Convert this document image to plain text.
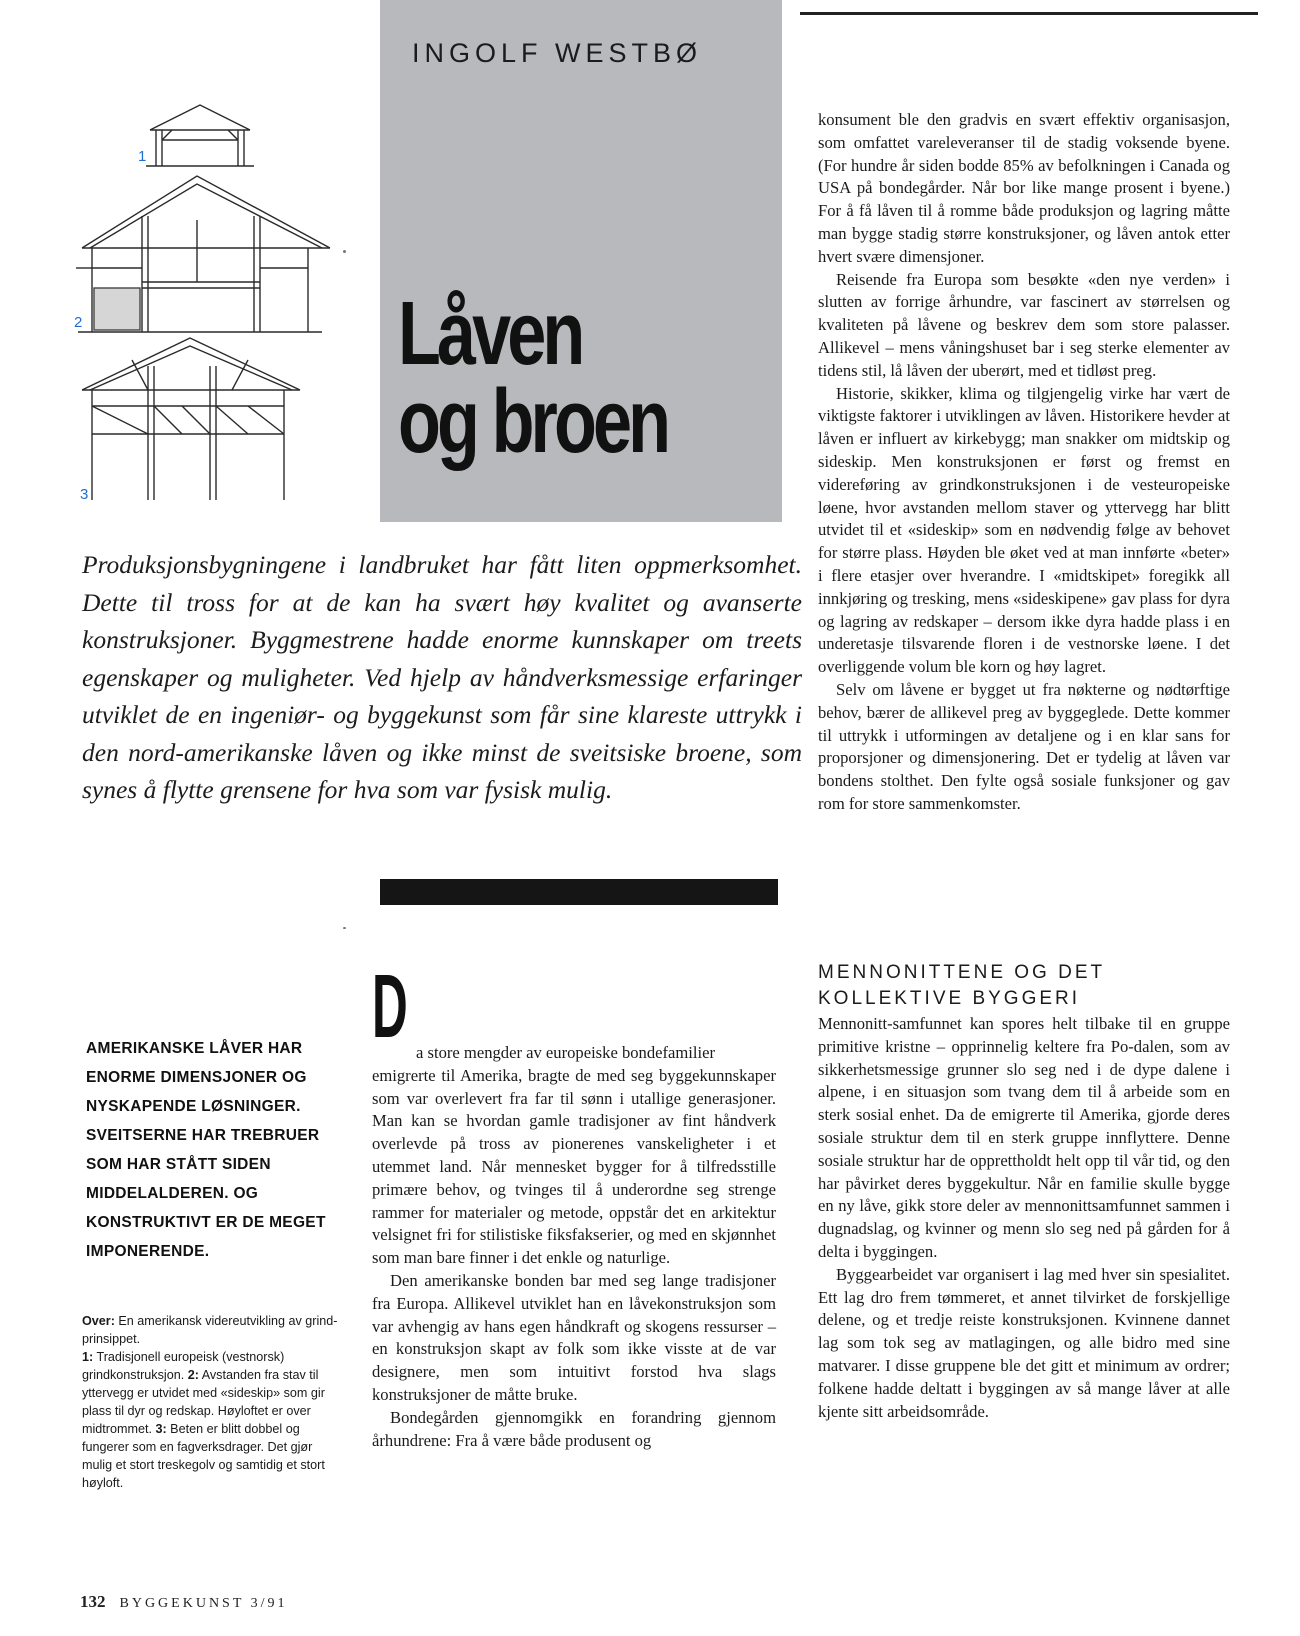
INGOLF WESTBØ
Låven
og broen
1
2
3
Produksjonsbygningene i landbruket har fått liten oppmerksomhet. Dette til tross for at de kan ha svært høy kvalitet og avanserte konstruksjoner. Byggmestrene hadde enorme kunnskaper om treets egenskaper og muligheter. Ved hjelp av håndverksmessige erfaringer utviklet de en ingeniør- og byggekunst som får sine klareste uttrykk i den nord-amerikanske låven og ikke minst de sveitsiske broene, som synes å flytte grensene for hva som var fysisk mulig.
AMERIKANSKE LÅVER HAR ENORME DIMENSJONER OG NYSKAPENDE LØSNINGER. SVEITSERNE HAR TREBRUER SOM HAR STÅTT SIDEN MIDDELALDEREN. OG KONSTRUKTIVT ER DE MEGET IMPONERENDE.
Over: En amerikansk videreutvikling av grind-prinsippet.
1: Tradisjonell europeisk (vestnorsk) grindkonstruksjon. 2: Avstanden fra stav til yttervegg er utvidet med «sideskip» som gir plass til dyr og redskap. Høyloftet er over midtrommet. 3: Beten er blitt dobbel og fungerer som en fagverksdrager. Det gjør mulig et stort treskegolv og samtidig et stort høyloft.
D a store mengder av europeiske bondefamilier

emigrerte til Amerika, bragte de med seg byggekunnskaper som var overlevert fra far til sønn i utallige generasjoner. Man kan se hvordan gamle tradisjoner av fint håndverk overlevde på tross av pionerenes vanskeligheter i et utemmet land. Når mennesket bygger for å tilfredsstille primære behov, og tvinges til å underordne seg strenge rammer for materialer og metode, oppstår det en arkitektur velsignet fri for stilistiske fiksfakserier, og med en skjønnhet som man bare finner i det enkle og naturlige.

Den amerikanske bonden bar med seg lange tradisjoner fra Europa. Allikevel utviklet han en låvekonstruksjon som var avhengig av hans egen håndkraft og skogens ressurser – en konstruksjon skapt av folk som ikke visste at de var designere, men som intuitivt forstod hva slags konstruksjoner de måtte bruke.

Bondegården gjennomgikk en forandring gjennom århundrene: Fra å være både produsent og

konsument ble den gradvis en svært effektiv organisasjon, som omfattet vareleveranser til de stadig voksende byene. (For hundre år siden bodde 85% av befolkningen i Canada og USA på bondegårder. Når bor like mange prosent i byene.) For å få låven til å romme både produksjon og lagring måtte man bygge stadig større konstruksjoner, og låven antok etter hvert svære dimensjoner.

Reisende fra Europa som besøkte «den nye verden» i slutten av forrige århundre, var fascinert av størrelsen og kvaliteten på låvene og beskrev dem som store palasser. Allikevel – mens våningshuset bar i seg sterke elementer av tidens stil, lå låven der uberørt, med et tidløst preg.

Historie, skikker, klima og tilgjengelig virke har vært de viktigste faktorer i utviklingen av låven. Historikere hevder at låven er influert av kirkebygg; man snakker om midtskip og sideskip. Men konstruksjonen er først og fremst en videreføring av grindkonstruksjonen i de vesteuropeiske løene, hvor avstanden mellom staver og yttervegg har blitt utvidet til et «sideskip» som en nødvendig følge av behovet for større plass. Høyden ble øket ved at man innførte «beter» i flere etasjer over hverandre. I «midtskipet» foregikk all innkjøring og tresking, mens «sideskipene» gav plass for dyra og lagring av redskaper – dersom ikke dyra hadde plass i en underetasje tilsvarende floren i de vestnorske løene. I det overliggende volum ble korn og høy lagret.

Selv om låvene er bygget ut fra nøkterne og nødtørftige behov, bærer de allikevel preg av byggeglede. Dette kommer til uttrykk i utformingen av detaljene og i en klar sans for proporsjoner og dimensjonering. Det er tydelig at låven var bondens stolthet. Den fylte også sosiale funksjoner og gav rom for store sammenkomster.

MENNONITTENE OG DET
KOLLEKTIVE BYGGERI

Mennonitt-samfunnet kan spores helt tilbake til en gruppe primitive kristne – opprinnelig keltere fra Po-dalen, som av sikkerhetsmessige grunner slo seg ned i de dype dalene i alpene, i en situasjon som tvang dem til å arbeide som en sterk sosial enhet. Da de emigrerte til Amerika, gjorde deres sosiale struktur dem til en sterk gruppe innflyttere. Denne sosiale struktur har de opprettholdt helt opp til vår tid, og den har påvirket deres byggekultur. Når en familie skulle bygge en ny låve, gikk store deler av mennonittsamfunnet sammen i dugnadslag, og kvinner og menn slo seg ned på gården for å delta i byggingen.

Byggearbeidet var organisert i lag med hver sin spesialitet. Ett lag dro frem tømmeret, et annet tilvirket de forskjellige delene, og et tredje reiste konstruksjonen. Kvinnene dannet lag som tok seg av matlagingen, og alle bidro med sine matvarer. I disse gruppene ble det gitt et minimum av ordrer; folkene hadde deltatt i byggingen av så mange låver at alle kjente sitt arbeidsområde.

132 BYGGEKUNST 3/91
